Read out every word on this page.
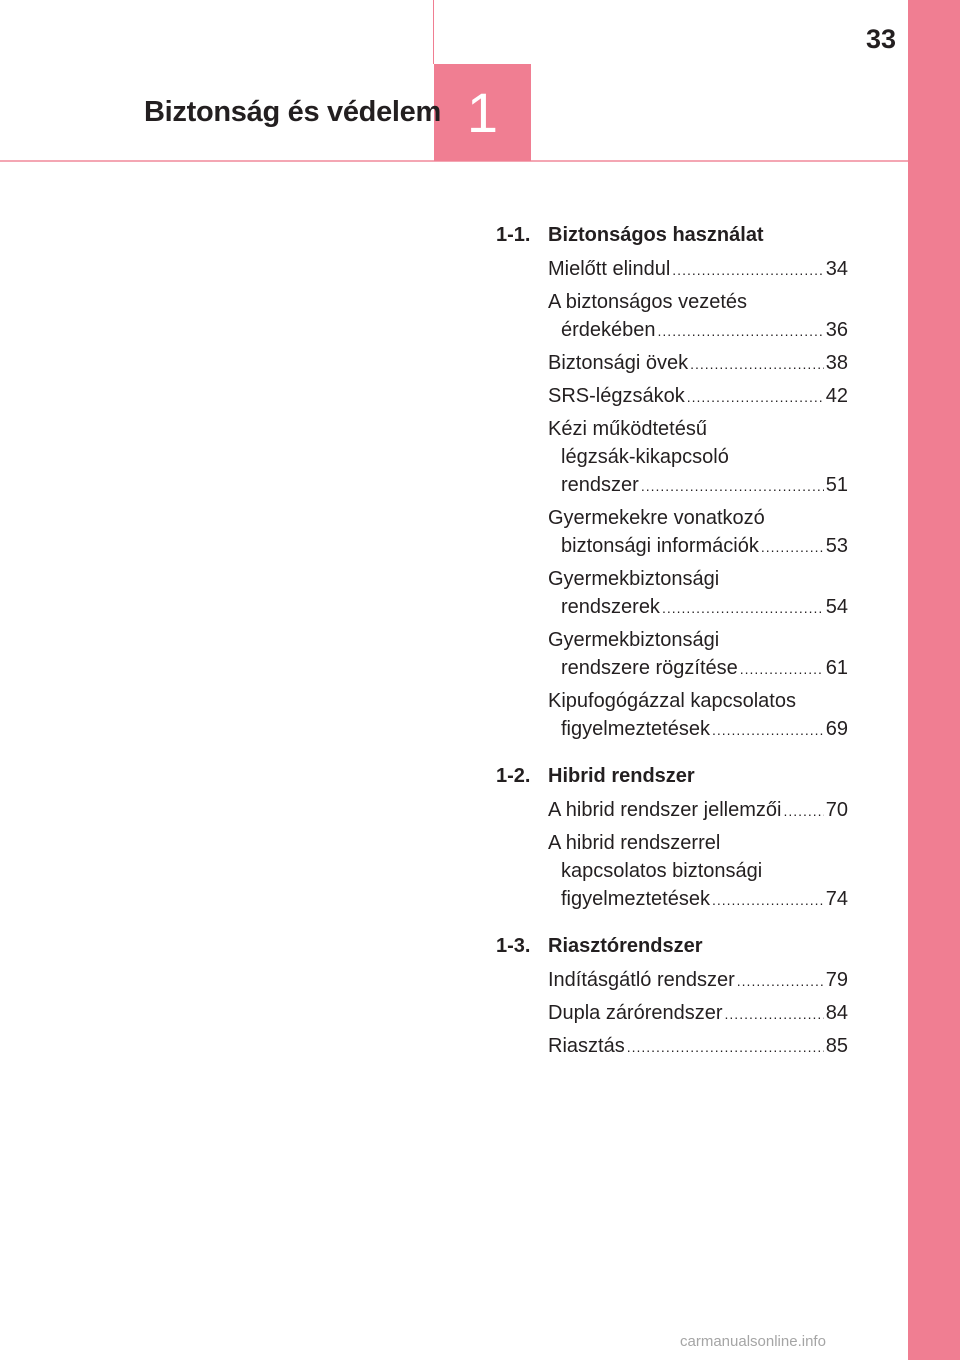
1
33
Biztonság és védelem
1-1. Biztonságos használat
Mielőtt elindul .....	34
A biztonságos vezetés
érdekében .....	36
Biztonsági övek .....	38
SRS-légzsákok .....	42
Kézi működtetésű
légzsák-kikapcsoló
rendszer .....	51
Gyermekekre vonatkozó
biztonsági információk .....	53
Gyermekbiztonsági
rendszerek .....	54
Gyermekbiztonsági
rendszere rögzítése .....	61
Kipufogógázzal kapcsolatos
figyelmeztetések .....	69
1-2. Hibrid rendszer
A hibrid rendszer jellemzői ..... 70
A hibrid rendszerrel
kapcsolatos biztonsági
figyelmeztetések .....	74
1-3. Riasztórendszer
Indításgátló rendszer .....	79
Dupla zárórendszer .....	84
Riasztás .....	85
carmanualsonline.info
